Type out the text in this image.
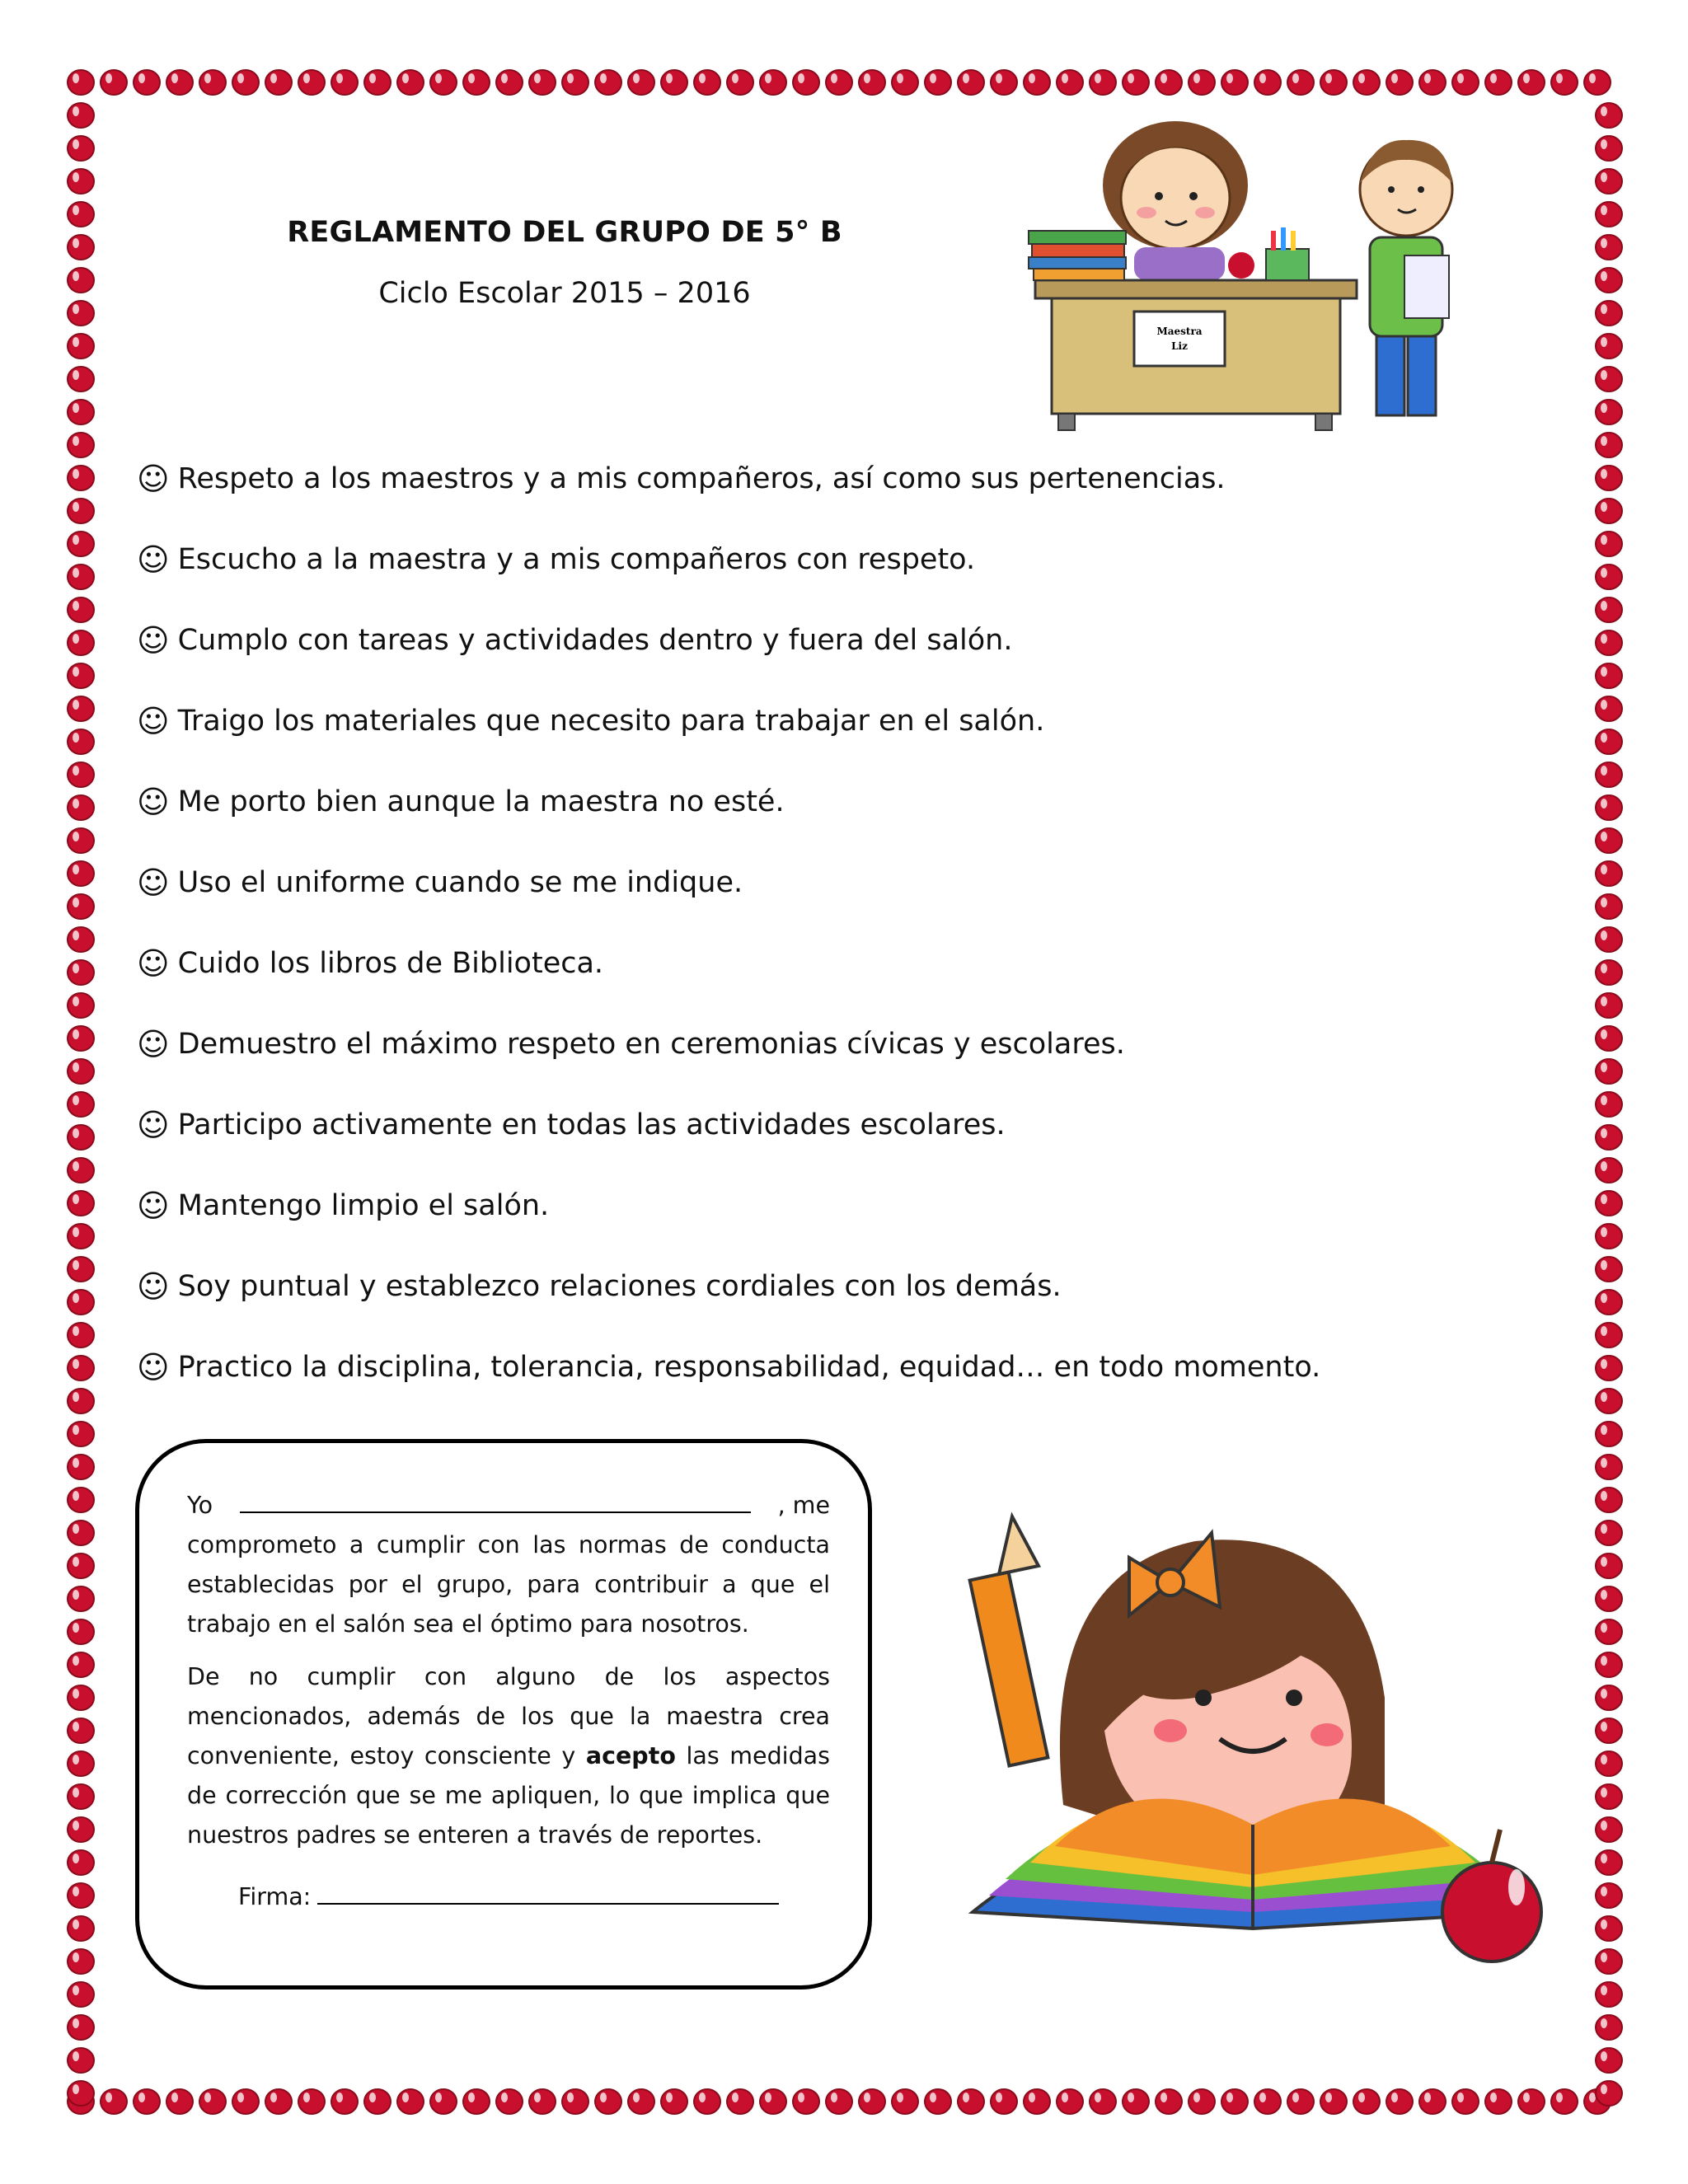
REGLAMENTO DEL GRUPO DE 5° B
Ciclo Escolar 2015 – 2016
Maestra
Liz
☺ Respeto a los maestros y a mis compañeros, así como sus pertenencias.
☺ Escucho a la maestra y a mis compañeros con respeto.
☺ Cumplo con tareas y actividades dentro y fuera del salón.
☺ Traigo los materiales que necesito para trabajar en el salón.
☺ Me porto bien aunque la maestra no esté.
☺ Uso el uniforme cuando se me indique.
☺ Cuido los libros de Biblioteca.
☺ Demuestro el máximo respeto en ceremonias cívicas y escolares.
☺ Participo activamente en todas las actividades escolares.
☺ Mantengo limpio el salón.
☺ Soy puntual y establezco relaciones cordiales con los demás.
☺ Practico la disciplina, tolerancia, responsabilidad, equidad… en todo momento.
Yo	, me
comprometo a cumplir con las normas de conducta establecidas por el grupo, para contribuir a que el trabajo en el salón sea el óptimo para nosotros.
De no cumplir con alguno de los aspectos mencionados, además de los que la maestra crea conveniente, estoy consciente y acepto las medidas de corrección que se me apliquen, lo que implica que nuestros padres se enteren a través de reportes.
Firma:
